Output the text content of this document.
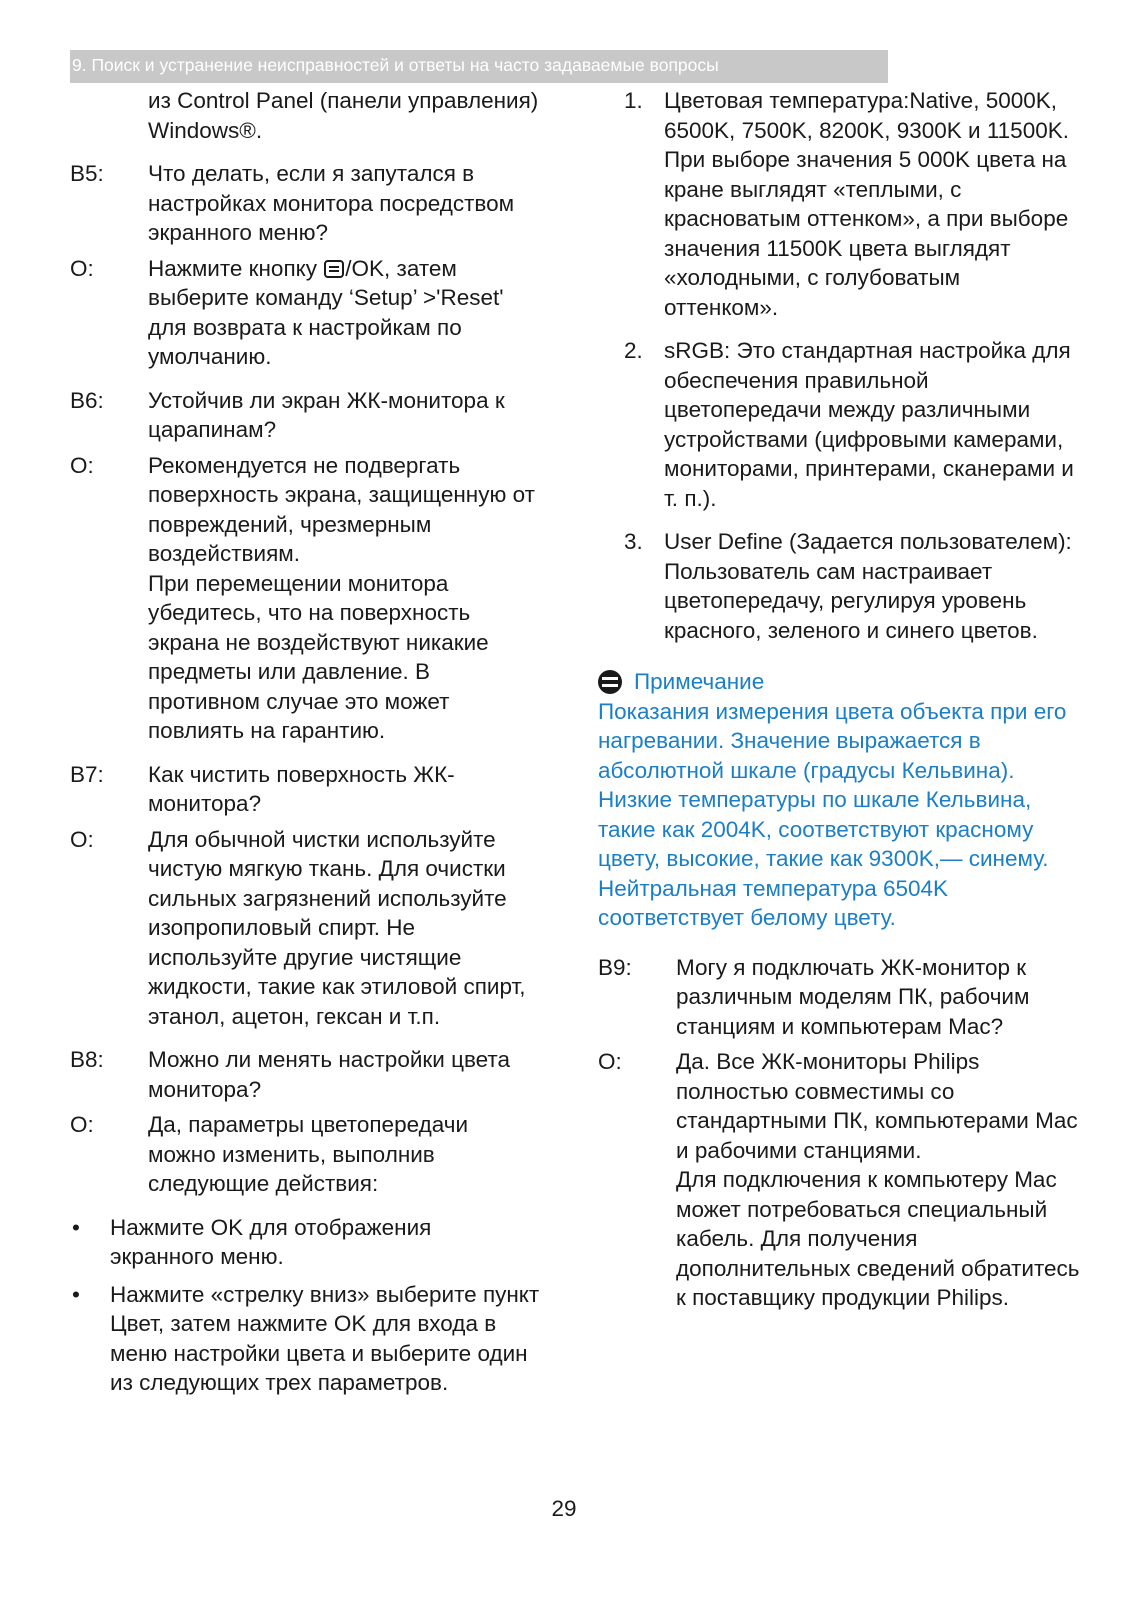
9. Поиск и устранение неисправностей и ответы на часто задаваемые вопросы
из Control Panel (панели управления) Windows®.
В5:	Что делать, если я запутался в настройках монитора посредством экранного меню?
О:	Нажмите кнопку /OK, затем выберите команду ‘Setup’ >'Reset' для возврата к настройкам по умолчанию.
В6:	Устойчив ли экран ЖК-монитора к царапинам?
О:	Рекомендуется не подвергать поверхность экрана, защищенную от повреждений, чрезмерным воздействиям.
При перемещении монитора убедитесь, что на поверхность экрана не воздействуют никакие предметы или давление. В противном случае это может повлиять на гарантию.
В7:	Как чистить поверхность ЖК-монитора?
О:	Для обычной чистки используйте чистую мягкую ткань. Для очистки сильных загрязнений используйте изопропиловый спирт. Не используйте другие чистящие жидкости, такие как этиловой спирт, этанол, ацетон, гексан и т.п.
В8:	Можно ли менять настройки цвета монитора?
О:	Да, параметры цветопередачи можно изменить, выполнив следующие действия:
•	Нажмите OK для отображения экранного меню.
•	Нажмите «стрелку вниз» выберите пункт Цвет, затем нажмите OK для входа в меню настройки цвета и выберите один из следующих трех параметров.
1. Цветовая температура:Native, 5000K, 6500K, 7500K, 8200K, 9300K и 11500K. При выборе значения 5 000K цвета на кране выглядят «теплыми, с красноватым оттенком», а при выборе значения 11500K цвета выглядят «холодными, с голубоватым оттенком».
2. sRGB: Это стандартная настройка для обеспечения правильной цветопередачи между различными устройствами (цифровыми камерами, мониторами, принтерами, сканерами и т. п.).
3. User Define (Задается пользователем): Пользователь сам настраивает цветопередачу, регулируя уровень красного, зеленого и синего цветов.
Примечание
Показания измерения цвета объекта при его нагревании. Значение выражается в абсолютной шкале (градусы Кельвина). Низкие температуры по шкале Кельвина, такие как 2004K, соответствуют красному цвету, высокие, такие как 9300K,— синему. Нейтральная температура 6504K соответствует белому цвету.
В9:	Могу я подключать ЖК-монитор к различным моделям ПК, рабочим станциям и компьютерам Mac?
О:	Да. Все ЖК-мониторы Philips полностью совместимы со стандартными ПК, компьютерами Mac и рабочими станциями.
Для подключения к компьютеру Mac может потребоваться специальный кабель. Для получения дополнительных сведений обратитесь к поставщику продукции Philips.
29
